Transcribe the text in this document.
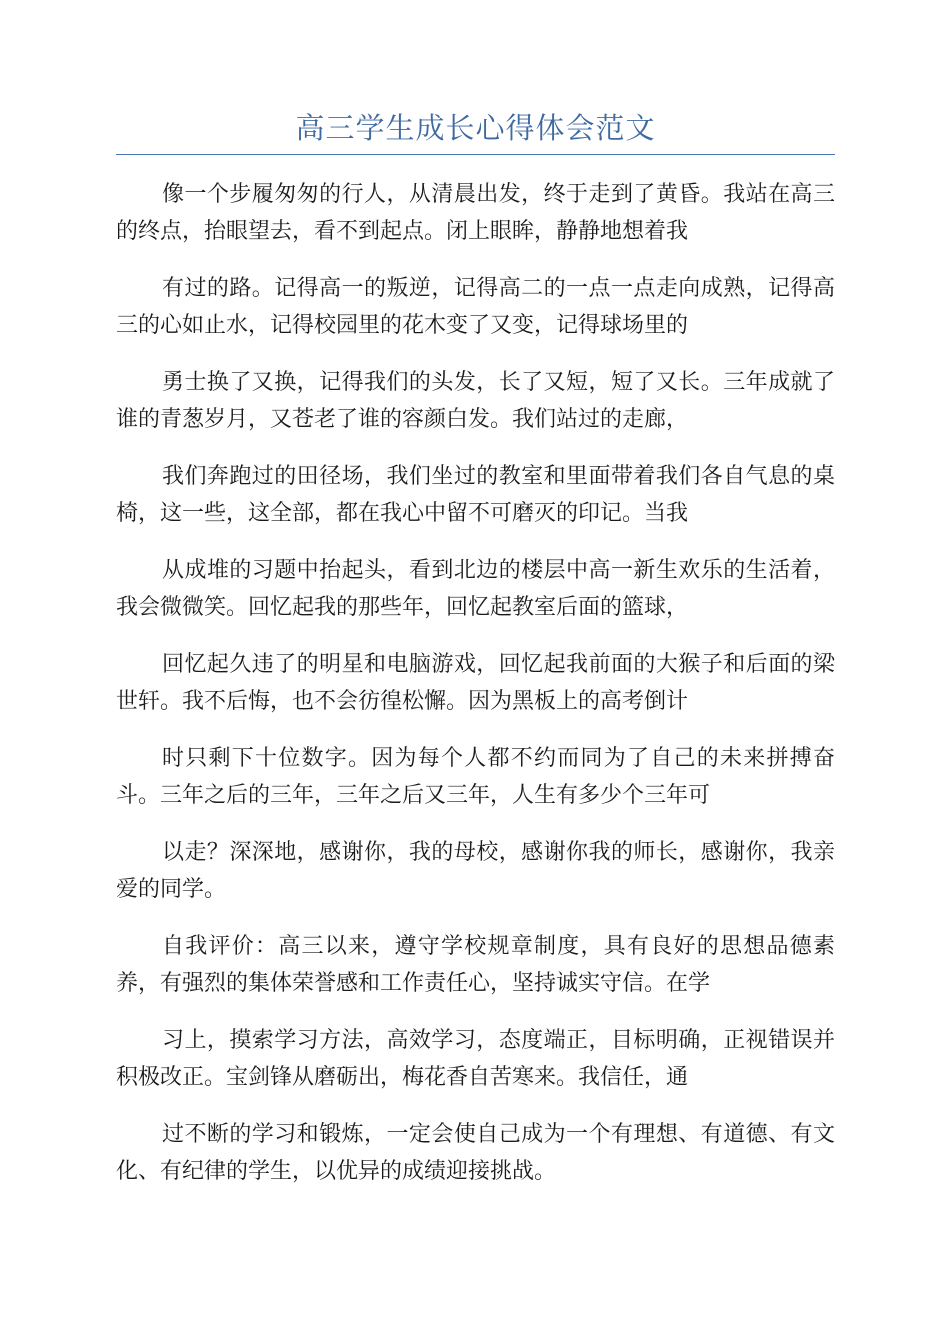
高三学生成长心得体会范文

像一个步履匆匆的行人，从清晨出发，终于走到了黄昏。我站在高三的终点，抬眼望去，看不到起点。闭上眼眸，静静地想着我

有过的路。记得高一的叛逆，记得高二的一点一点走向成熟，记得高三的心如止水，记得校园里的花木变了又变，记得球场里的

勇士换了又换，记得我们的头发，长了又短，短了又长。三年成就了谁的青葱岁月，又苍老了谁的容颜白发。我们站过的走廊，

我们奔跑过的田径场，我们坐过的教室和里面带着我们各自气息的桌椅，这一些，这全部，都在我心中留不可磨灭的印记。当我

从成堆的习题中抬起头，看到北边的楼层中高一新生欢乐的生活着，我会微微笑。回忆起我的那些年，回忆起教室后面的篮球，

回忆起久违了的明星和电脑游戏，回忆起我前面的大猴子和后面的梁世轩。我不后悔，也不会彷徨松懈。因为黑板上的高考倒计

时只剩下十位数字。因为每个人都不约而同为了自己的未来拼搏奋斗。三年之后的三年，三年之后又三年，人生有多少个三年可

以走？深深地，感谢你，我的母校，感谢你我的师长，感谢你，我亲爱的同学。

自我评价：高三以来，遵守学校规章制度，具有良好的思想品德素养，有强烈的集体荣誉感和工作责任心，坚持诚实守信。在学

习上，摸索学习方法，高效学习，态度端正，目标明确，正视错误并积极改正。宝剑锋从磨砺出，梅花香自苦寒来。我信任，通

过不断的学习和锻炼，一定会使自己成为一个有理想、有道德、有文化、有纪律的学生，以优异的成绩迎接挑战。
